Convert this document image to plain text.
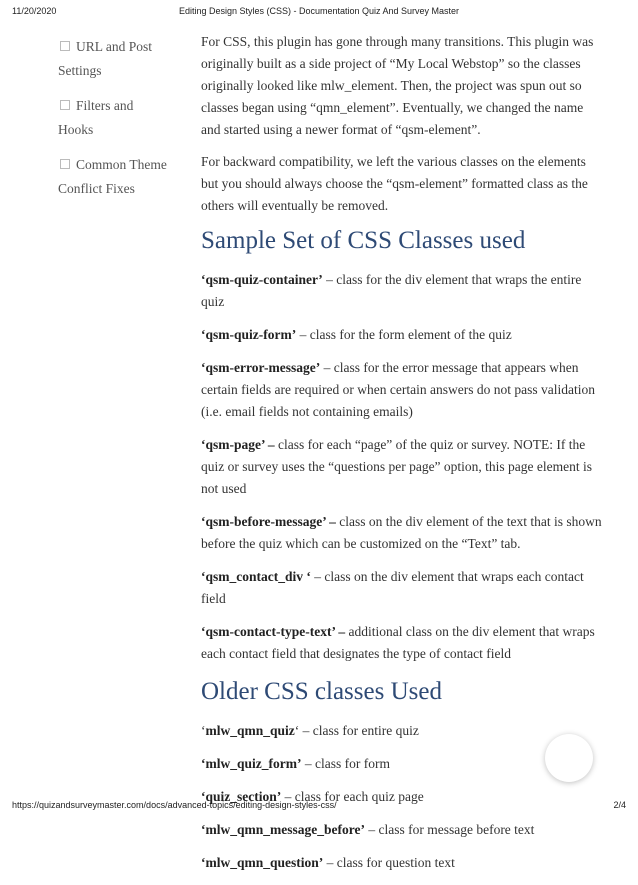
11/20/2020	Editing Design Styles (CSS) - Documentation Quiz And Survey Master
URL and Post
Settings
Filters and
Hooks
Common Theme
Conflict Fixes

For CSS, this plugin has gone through many transitions. This plugin was originally built as a side project of “My Local Webstop” so the classes originally looked like mlw_element. Then, the project was spun out so classes began using “qmn_element”. Eventually, we changed the name and started using a newer format of “qsm-element”.

For backward compatibility, we left the various classes on the elements but you should always choose the “qsm-element” formatted class as the others will eventually be removed.

Sample Set of CSS Classes used

‘qsm-quiz-container’ – class for the div element that wraps the entire quiz

‘qsm-quiz-form’ – class for the form element of the quiz

‘qsm-error-message’ – class for the error message that appears when certain fields are required or when certain answers do not pass validation (i.e. email fields not containing emails)

‘qsm-page’ – class for each “page” of the quiz or survey. NOTE: If the quiz or survey uses the “questions per page” option, this page element is not used

‘qsm-before-message’ – class on the div element of the text that is shown before the quiz which can be customized on the “Text” tab.

‘qsm_contact_div ‘ – class on the div element that wraps each contact field

‘qsm-contact-type-text’ – additional class on the div element that wraps each contact field that designates the type of contact field

Older CSS classes Used

‘mlw_qmn_quiz‘ – class for entire quiz

‘mlw_quiz_form’ – class for form

‘quiz_section’ – class for each quiz page

‘mlw_qmn_message_before’ – class for message before text

‘mlw_qmn_question’ – class for question text

https://quizandsurveymaster.com/docs/advanced-topics/editing-design-styles-css/	2/4
